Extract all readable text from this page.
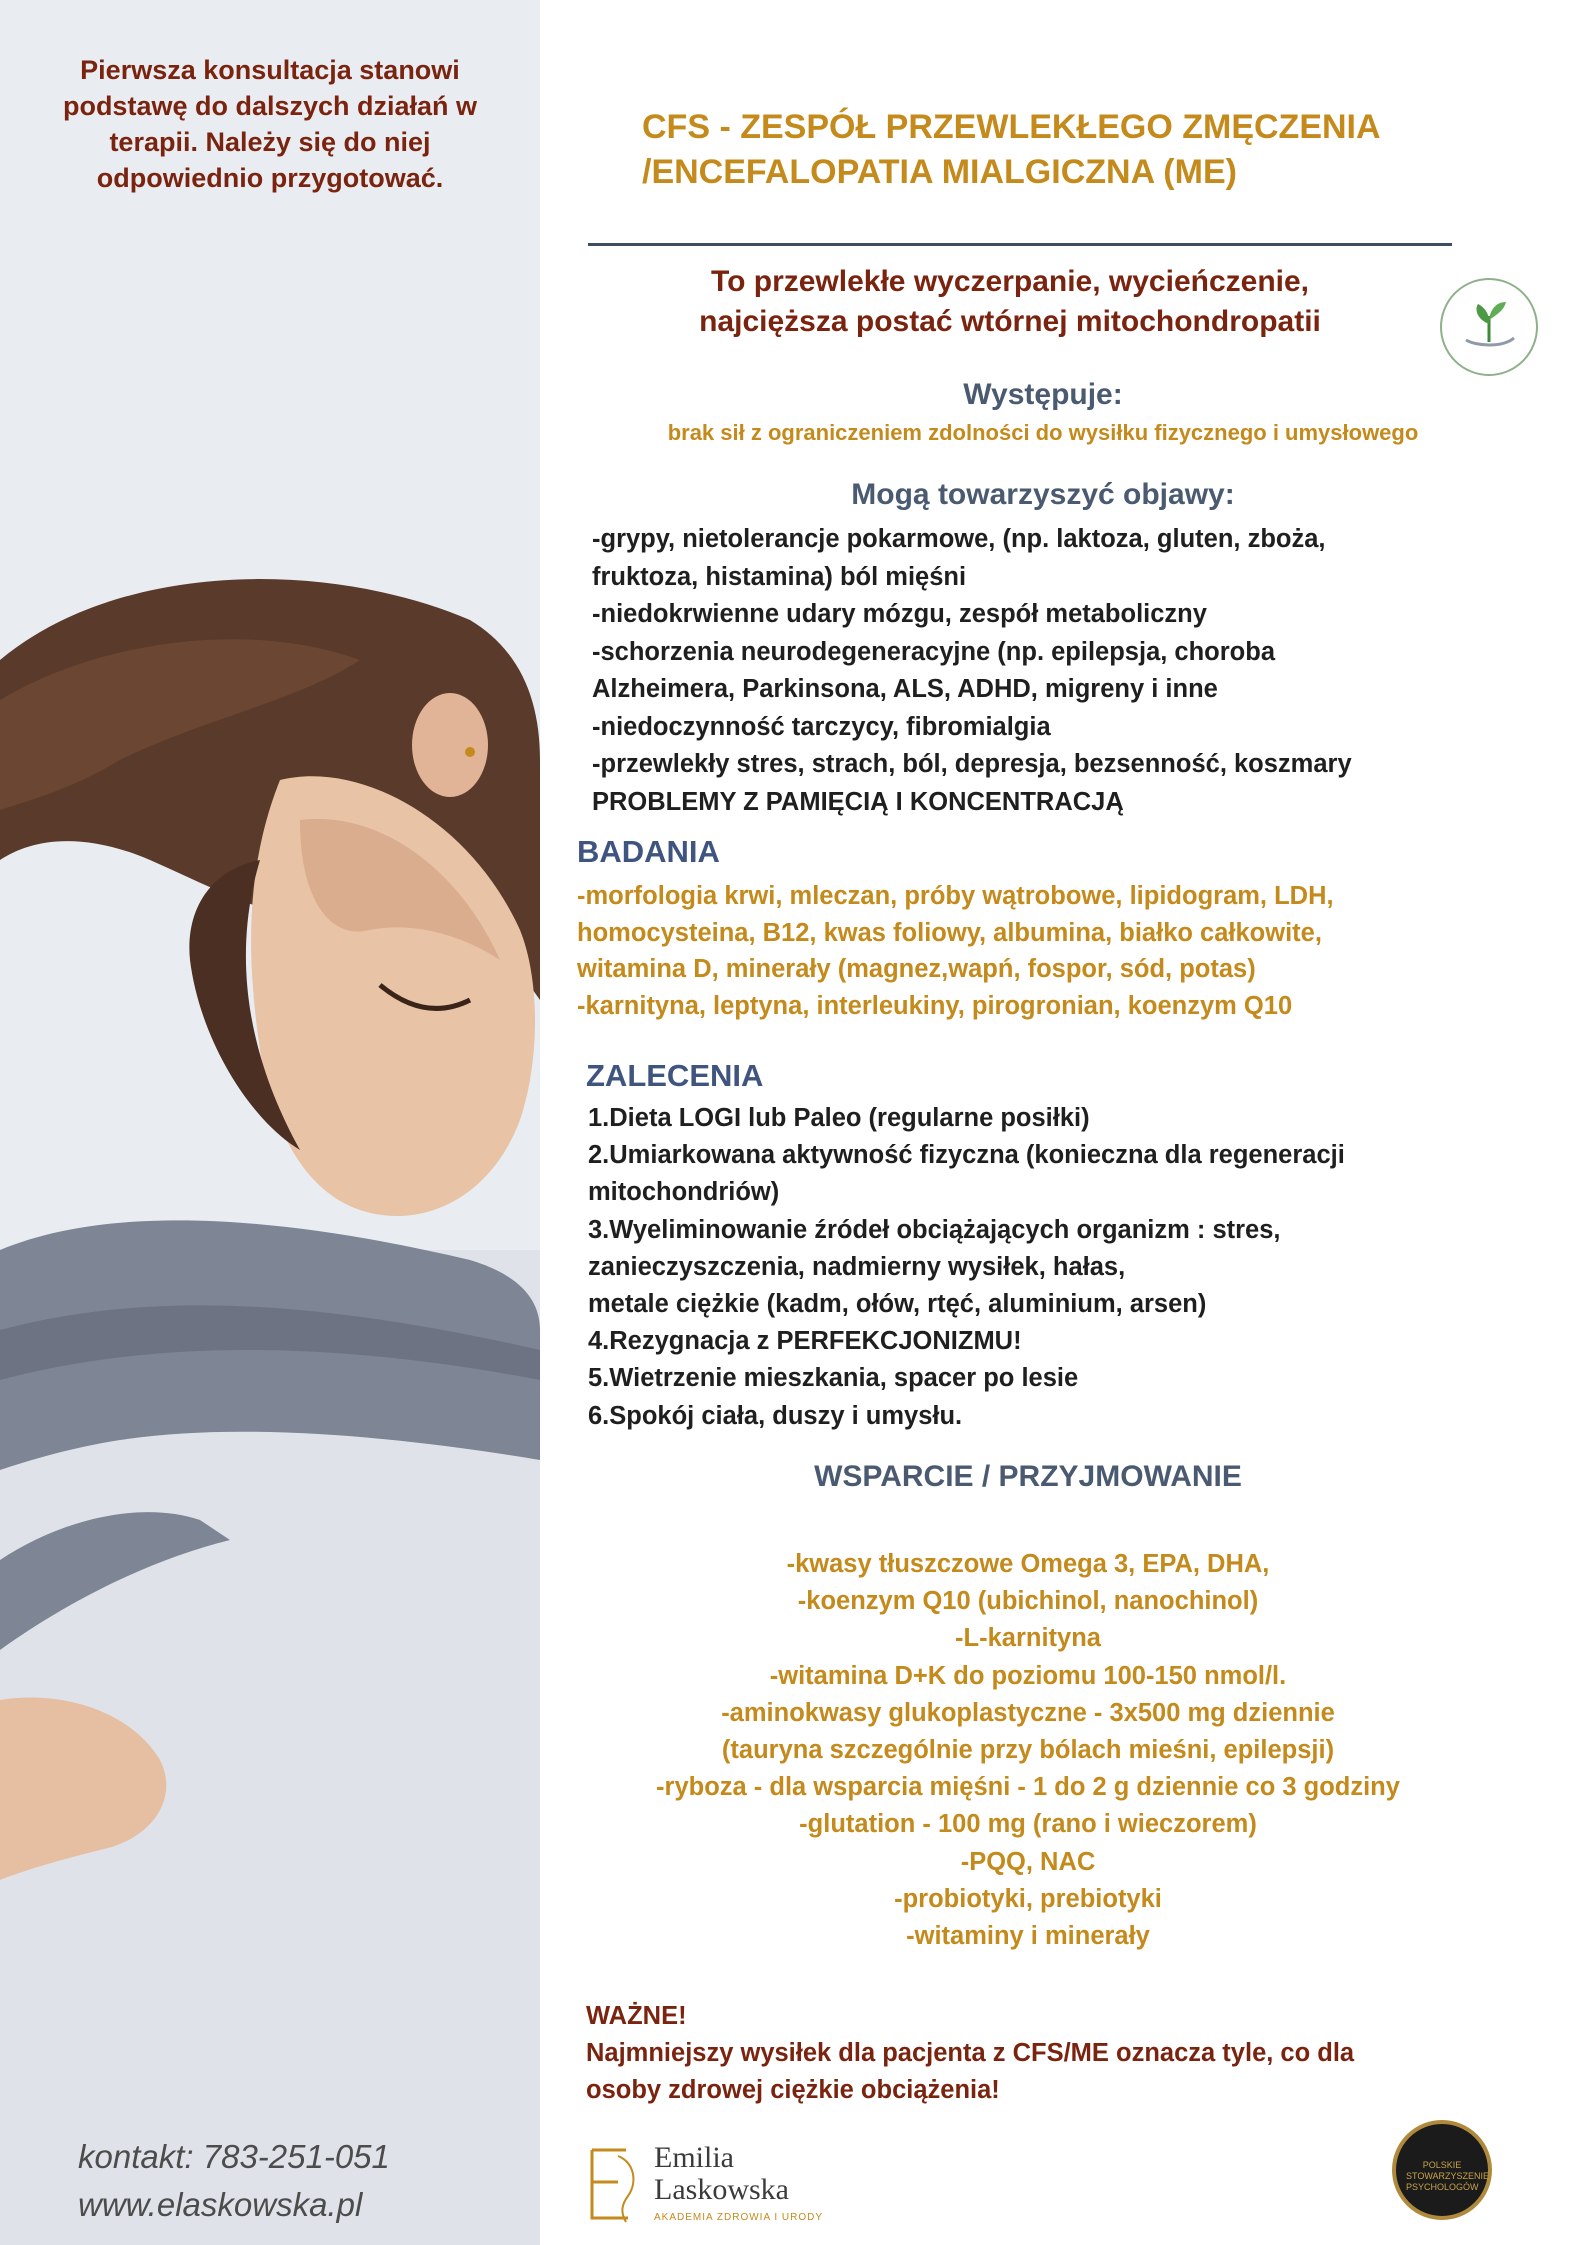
Pierwsza konsultacja stanowi
podstawę do dalszych działań w
terapii. Należy się do niej
odpowiednio przygotować.
kontakt: 783-251-051
www.elaskowska.pl
CFS - ZESPÓŁ PRZEWLEKŁEGO ZMĘCZENIA
/ENCEFALOPATIA MIALGICZNA (ME)
To przewlekłe wyczerpanie, wycieńczenie,
najcięższa postać wtórnej mitochondropatii
Występuje:
brak sił z ograniczeniem zdolności do wysiłku fizycznego i umysłowego
Mogą towarzyszyć objawy:
-grypy, nietolerancje pokarmowe, (np. laktoza, gluten, zboża,
fruktoza, histamina) ból mięśni
-niedokrwienne udary mózgu, zespół metaboliczny
-schorzenia neurodegeneracyjne (np. epilepsja, choroba
Alzheimera, Parkinsona, ALS, ADHD, migreny i inne
-niedoczynność tarczycy, fibromialgia
-przewlekły stres, strach, ból, depresja, bezsenność, koszmary
PROBLEMY Z PAMIĘCIĄ I KONCENTRACJĄ
BADANIA
-morfologia krwi, mleczan, próby wątrobowe, lipidogram, LDH,
homocysteina, B12, kwas foliowy, albumina, białko całkowite,
witamina D, minerały (magnez,wapń, fospor, sód, potas)
-karnityna, leptyna, interleukiny, pirogronian, koenzym Q10
ZALECENIA
1.Dieta LOGI lub Paleo (regularne posiłki)
2.Umiarkowana aktywność fizyczna (konieczna dla regeneracji
mitochondriów)
3.Wyeliminowanie źródeł obciążających organizm : stres,
zanieczyszczenia, nadmierny wysiłek, hałas,
metale ciężkie (kadm, ołów, rtęć, aluminium, arsen)
4.Rezygnacja z PERFEKCJONIZMU!
5.Wietrzenie mieszkania, spacer po lesie
6.Spokój ciała, duszy i umysłu.
WSPARCIE / PRZYJMOWANIE
-kwasy tłuszczowe Omega 3, EPA, DHA,
-koenzym Q10 (ubichinol, nanochinol)
-L-karnityna
-witamina D+K do poziomu 100-150 nmol/l.
-aminokwasy glukoplastyczne - 3x500 mg dziennie
(tauryna szczególnie przy bólach mieśni, epilepsji)
-ryboza - dla wsparcia mięśni - 1 do 2 g dziennie co 3 godziny
-glutation - 100 mg (rano i wieczorem)
-PQQ, NAC
-probiotyki, prebiotyki
-witaminy i minerały
WAŻNE!
Najmniejszy wysiłek dla pacjenta z CFS/ME oznacza tyle, co dla
osoby zdrowej ciężkie obciążenia!
Emilia
Laskowska
AKADEMIA ZDROWIA I URODY
POLSKIE STOWARZYSZENIE PSYCHOLOGÓW
